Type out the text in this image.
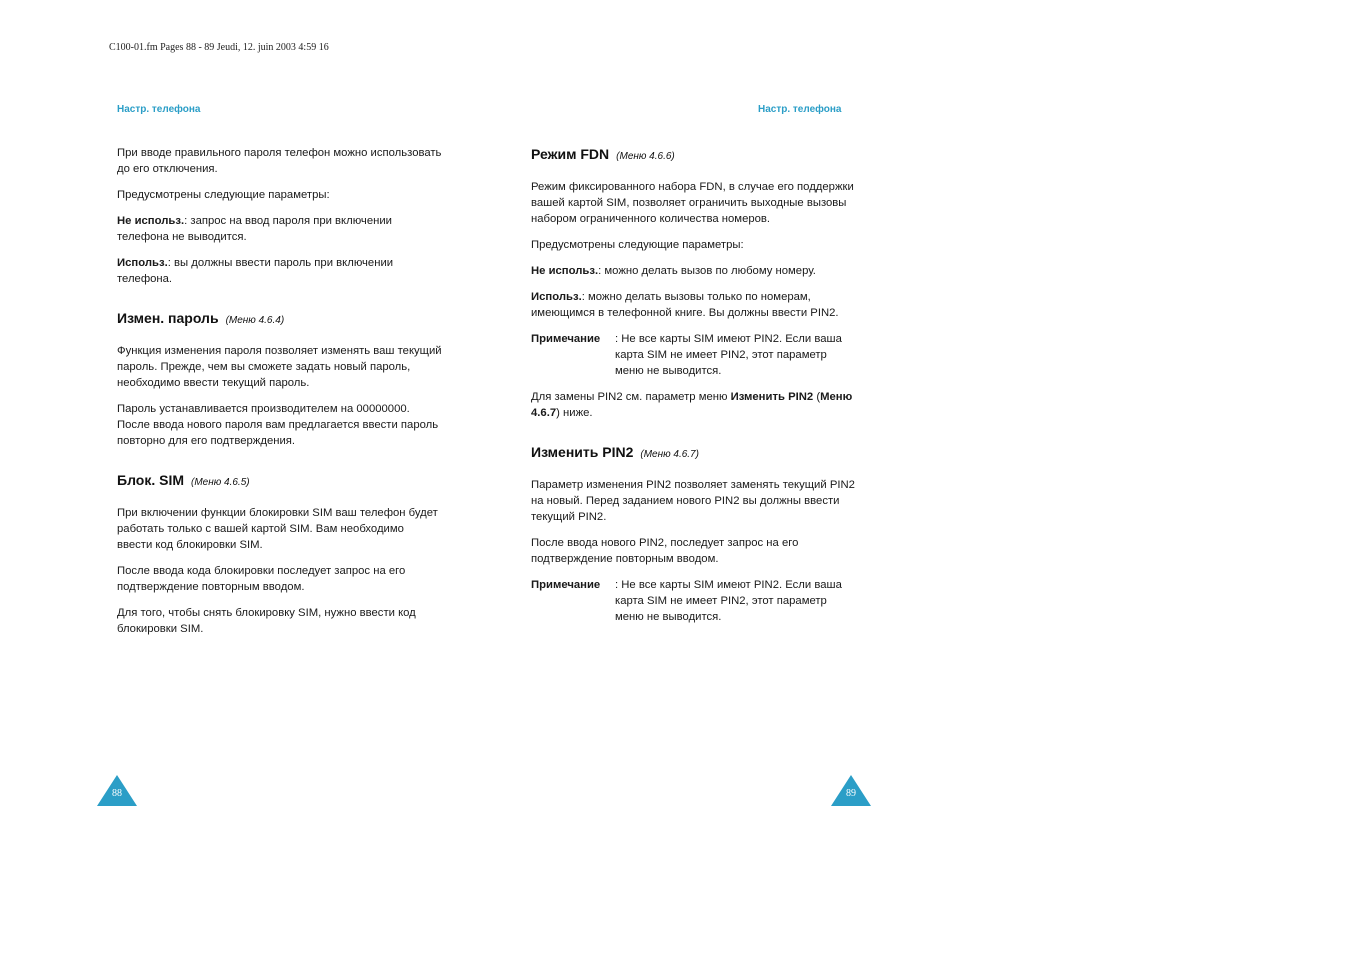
C100-01.fm Pages 88 - 89 Jeudi, 12. juin 2003 4:59 16
Настр. телефона	Настр. телефона

При вводе правильного пароля телефон можно использовать до его отключения.

Предусмотрены следующие параметры:

Не использ.: запрос на ввод пароля при включении телефона не выводится.

Использ.: вы должны ввести пароль при включении телефона.

Измен. пароль (Меню 4.6.4)

Функция изменения пароля позволяет изменять ваш текущий пароль. Прежде, чем вы сможете задать новый пароль, необходимо ввести текущий пароль.

Пароль устанавливается производителем на 00000000. После ввода нового пароля вам предлагается ввести пароль повторно для его подтверждения.

Блок. SIM (Меню 4.6.5)

При включении функции блокировки SIM ваш телефон будет работать только с вашей картой SIM. Вам необходимо ввести код блокировки SIM.

После ввода кода блокировки последует запрос на его подтверждение повторным вводом.

Для того, чтобы снять блокировку SIM, нужно ввести код блокировки SIM.

Режим FDN (Меню 4.6.6)

Режим фиксированного набора FDN, в случае его поддержки вашей картой SIM, позволяет ограничить выходные вызовы набором ограниченного количества номеров.

Предусмотрены следующие параметры:

Не использ.: можно делать вызов по любому номеру.

Использ.: можно делать вызовы только по номерам, имеющимся в телефонной книге. Вы должны ввести PIN2.

Примечание : Не все карты SIM имеют PIN2. Если ваша карта SIM не имеет PIN2, этот параметр меню не выводится.

Для замены PIN2 см. параметр меню Изменить PIN2 (Меню 4.6.7) ниже.

Изменить PIN2 (Меню 4.6.7)

Параметр изменения PIN2 позволяет заменять текущий PIN2 на новый. Перед заданием нового PIN2 вы должны ввести текущий PIN2.

После ввода нового PIN2, последует запрос на его подтверждение повторным вводом.

Примечание : Не все карты SIM имеют PIN2. Если ваша карта SIM не имеет PIN2, этот параметр меню не выводится.
88	89
